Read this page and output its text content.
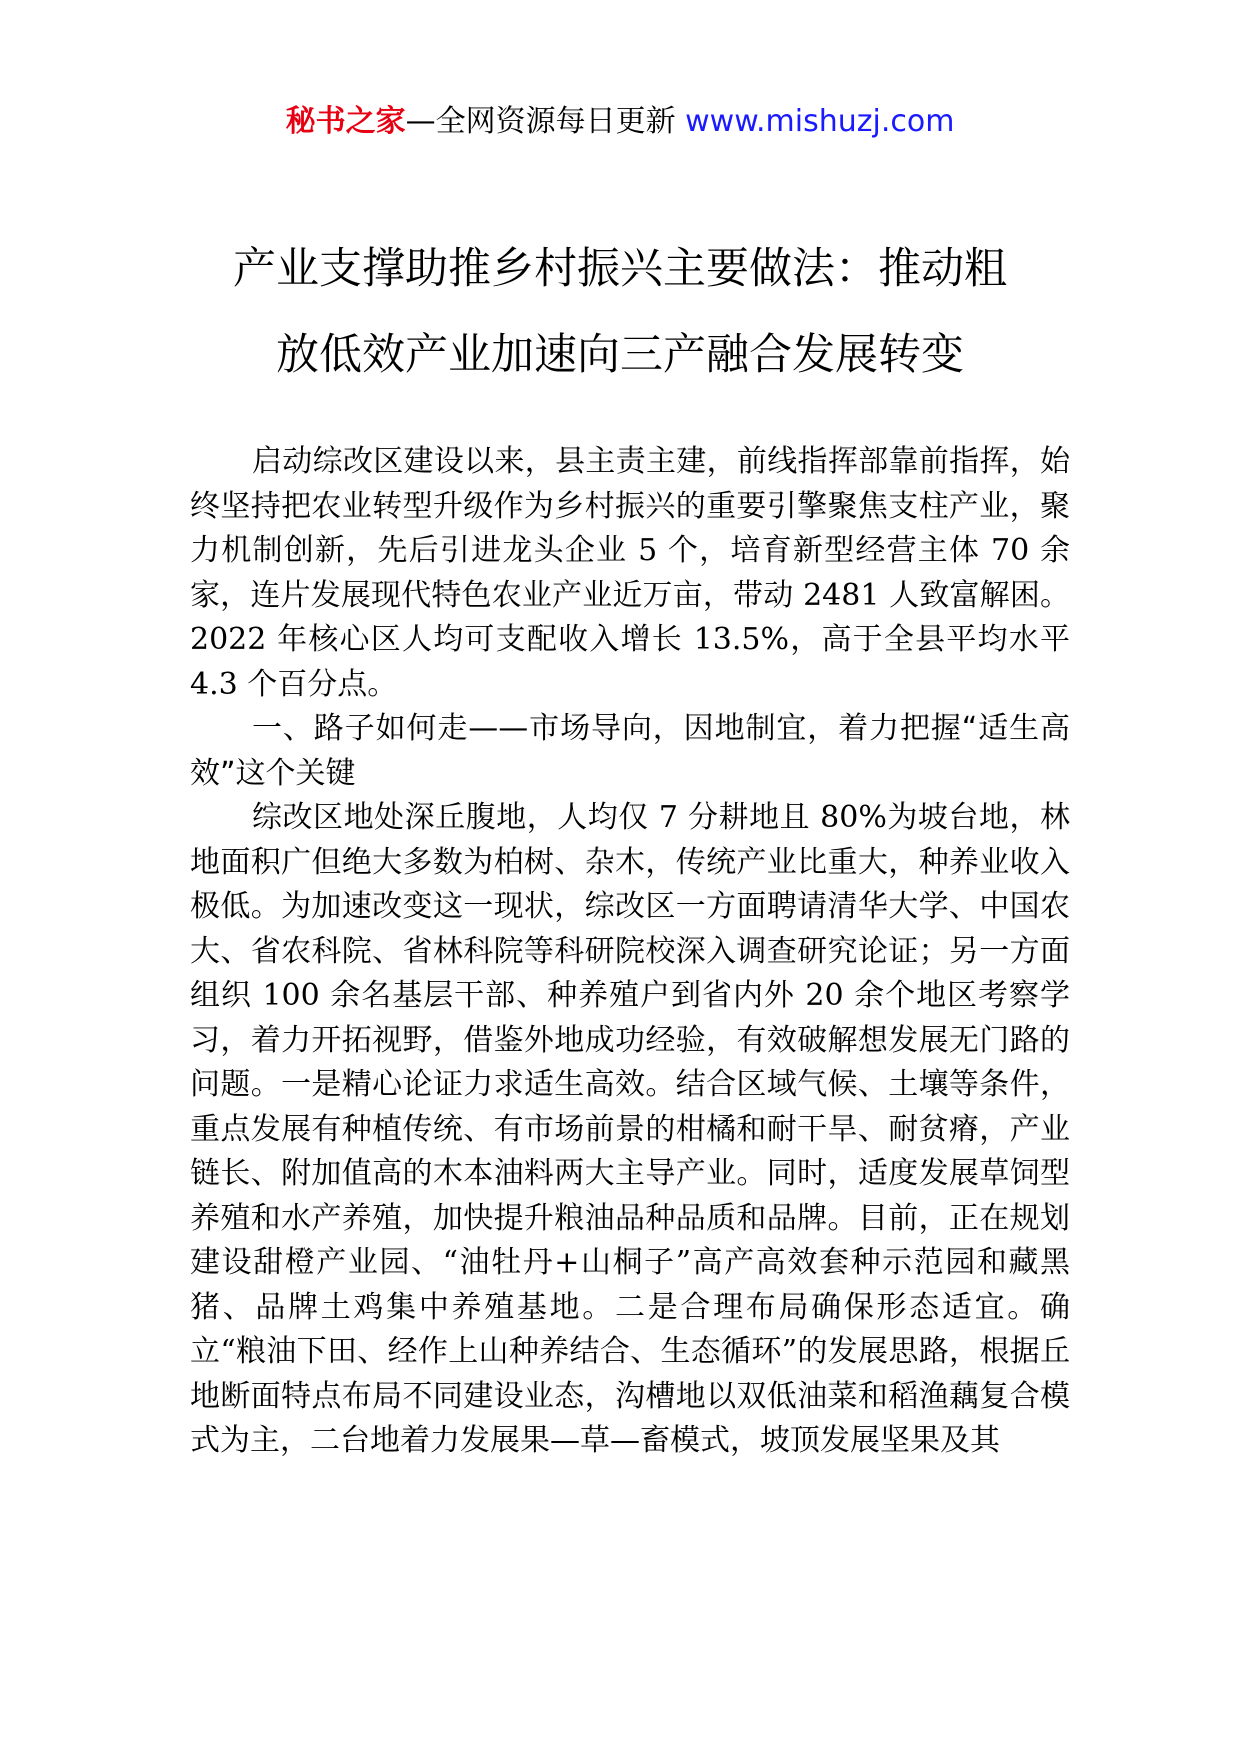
秘书之家—全网资源每日更新 www.mishuzj.com
产业支撑助推乡村振兴主要做法：推动粗
放低效产业加速向三产融合发展转变

启动综改区建设以来，县主责主建，前线指挥部靠前指挥，始终坚持把农业转型升级作为乡村振兴的重要引擎聚焦支柱产业，聚力机制创新，先后引进龙头企业 5 个，培育新型经营主体 70 余家，连片发展现代特色农业产业近万亩，带动 2481 人致富解困。2022 年核心区人均可支配收入增长 13.5%，高于全县平均水平 4.3 个百分点。

一、路子如何走——市场导向，因地制宜，着力把握“适生高效”这个关键

综改区地处深丘腹地，人均仅 7 分耕地且 80%为坡台地，林地面积广但绝大多数为柏树、杂木，传统产业比重大，种养业收入极低。为加速改变这一现状，综改区一方面聘请清华大学、中国农大、省农科院、省林科院等科研院校深入调查研究论证；另一方面组织 100 余名基层干部、种养殖户到省内外 20 余个地区考察学习，着力开拓视野，借鉴外地成功经验，有效破解想发展无门路的问题。一是精心论证力求适生高效。结合区域气候、土壤等条件，重点发展有种植传统、有市场前景的柑橘和耐干旱、耐贫瘠，产业链长、附加值高的木本油料两大主导产业。同时，适度发展草饲型养殖和水产养殖，加快提升粮油品种品质和品牌。目前，正在规划建设甜橙产业园、“油牡丹+山桐子”高产高效套种示范园和藏黑猪、品牌土鸡集中养殖基地。二是合理布局确保形态适宜。确立“粮油下田、经作上山种养结合、生态循环”的发展思路，根据丘地断面特点布局不同建设业态，沟槽地以双低油菜和稻渔藕复合模式为主，二台地着力发展果—草—畜模式，坡顶发展坚果及其
